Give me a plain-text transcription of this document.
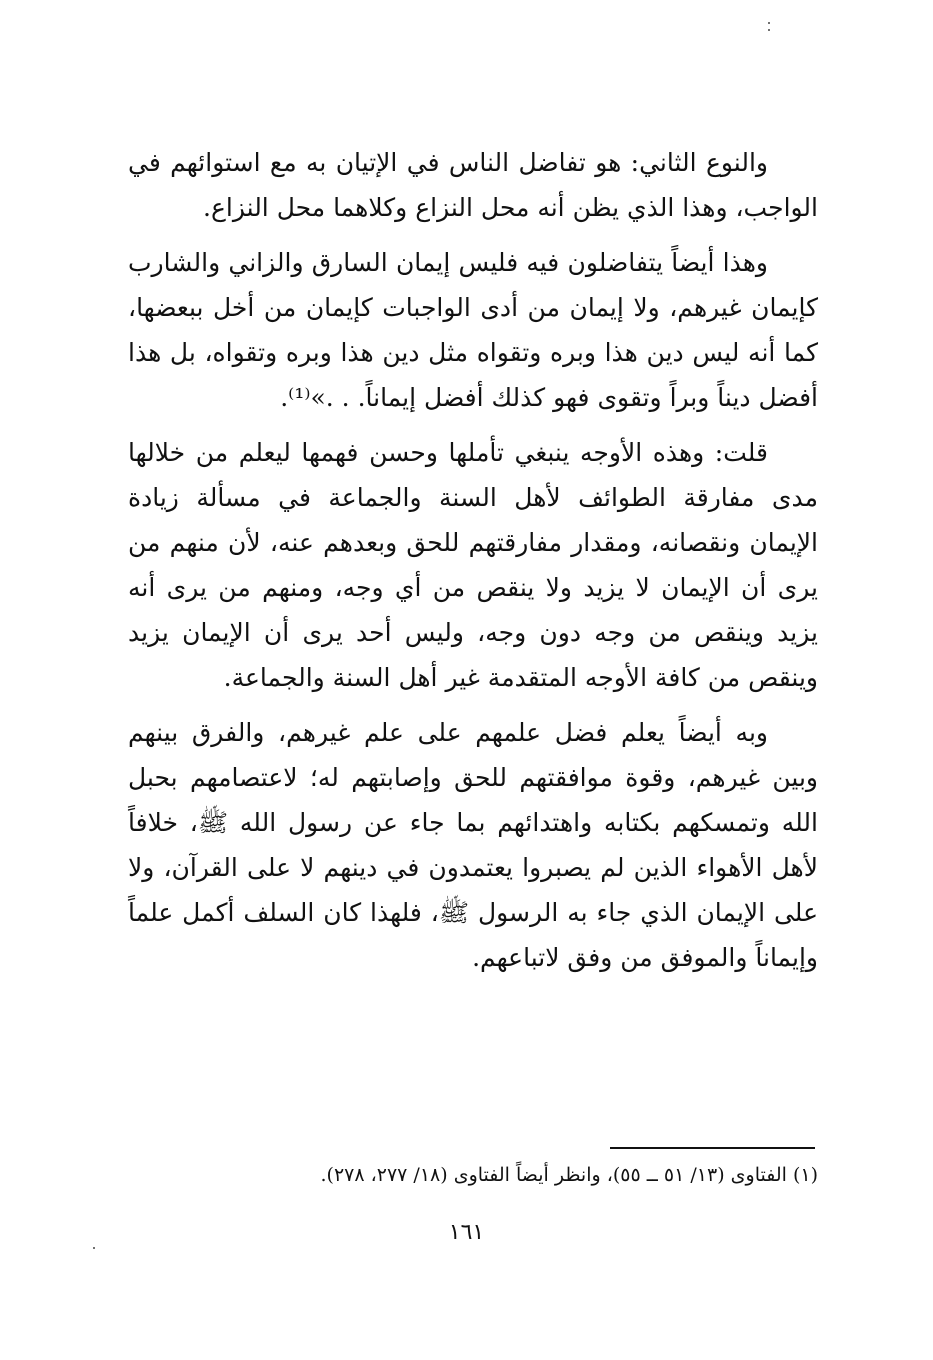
والنوع الثاني: هو تفاضل الناس في الإتيان به مع استوائهم في الواجب، وهذا الذي يظن أنه محل النزاع وكلاهما محل النزاع.

وهذا أيضاً يتفاضلون فيه فليس إيمان السارق والزاني والشارب كإيمان غيرهم، ولا إيمان من أدى الواجبات كإيمان من أخل ببعضها، كما أنه ليس دين هذا وبره وتقواه مثل دين هذا وبره وتقواه، بل هذا أفضل ديناً وبراً وتقوى فهو كذلك أفضل إيماناً. . .»⁽¹⁾.

قلت: وهذه الأوجه ينبغي تأملها وحسن فهمها ليعلم من خلالها مدى مفارقة الطوائف لأهل السنة والجماعة في مسألة زيادة الإيمان ونقصانه، ومقدار مفارقتهم للحق وبعدهم عنه، لأن منهم من يرى أن الإيمان لا يزيد ولا ينقص من أي وجه، ومنهم من يرى أنه يزيد وينقص من وجه دون وجه، وليس أحد يرى أن الإيمان يزيد وينقص من كافة الأوجه المتقدمة غير أهل السنة والجماعة.

وبه أيضاً يعلم فضل علمهم على علم غيرهم، والفرق بينهم وبين غيرهم، وقوة موافقتهم للحق وإصابتهم له؛ لاعتصامهم بحبل الله وتمسكهم بكتابه واهتدائهم بما جاء عن رسول الله ﷺ، خلافاً لأهل الأهواء الذين لم يصبروا يعتمدون في دينهم لا على القرآن، ولا على الإيمان الذي جاء به الرسول ﷺ، فلهذا كان السلف أكمل علماً وإيماناً والموفق من وفق لاتباعهم.

(١) الفتاوى (١٣/ ٥١ ــ ٥٥)، وانظر أيضاً الفتاوى (١٨/ ٢٧٧، ٢٧٨).
١٦١
